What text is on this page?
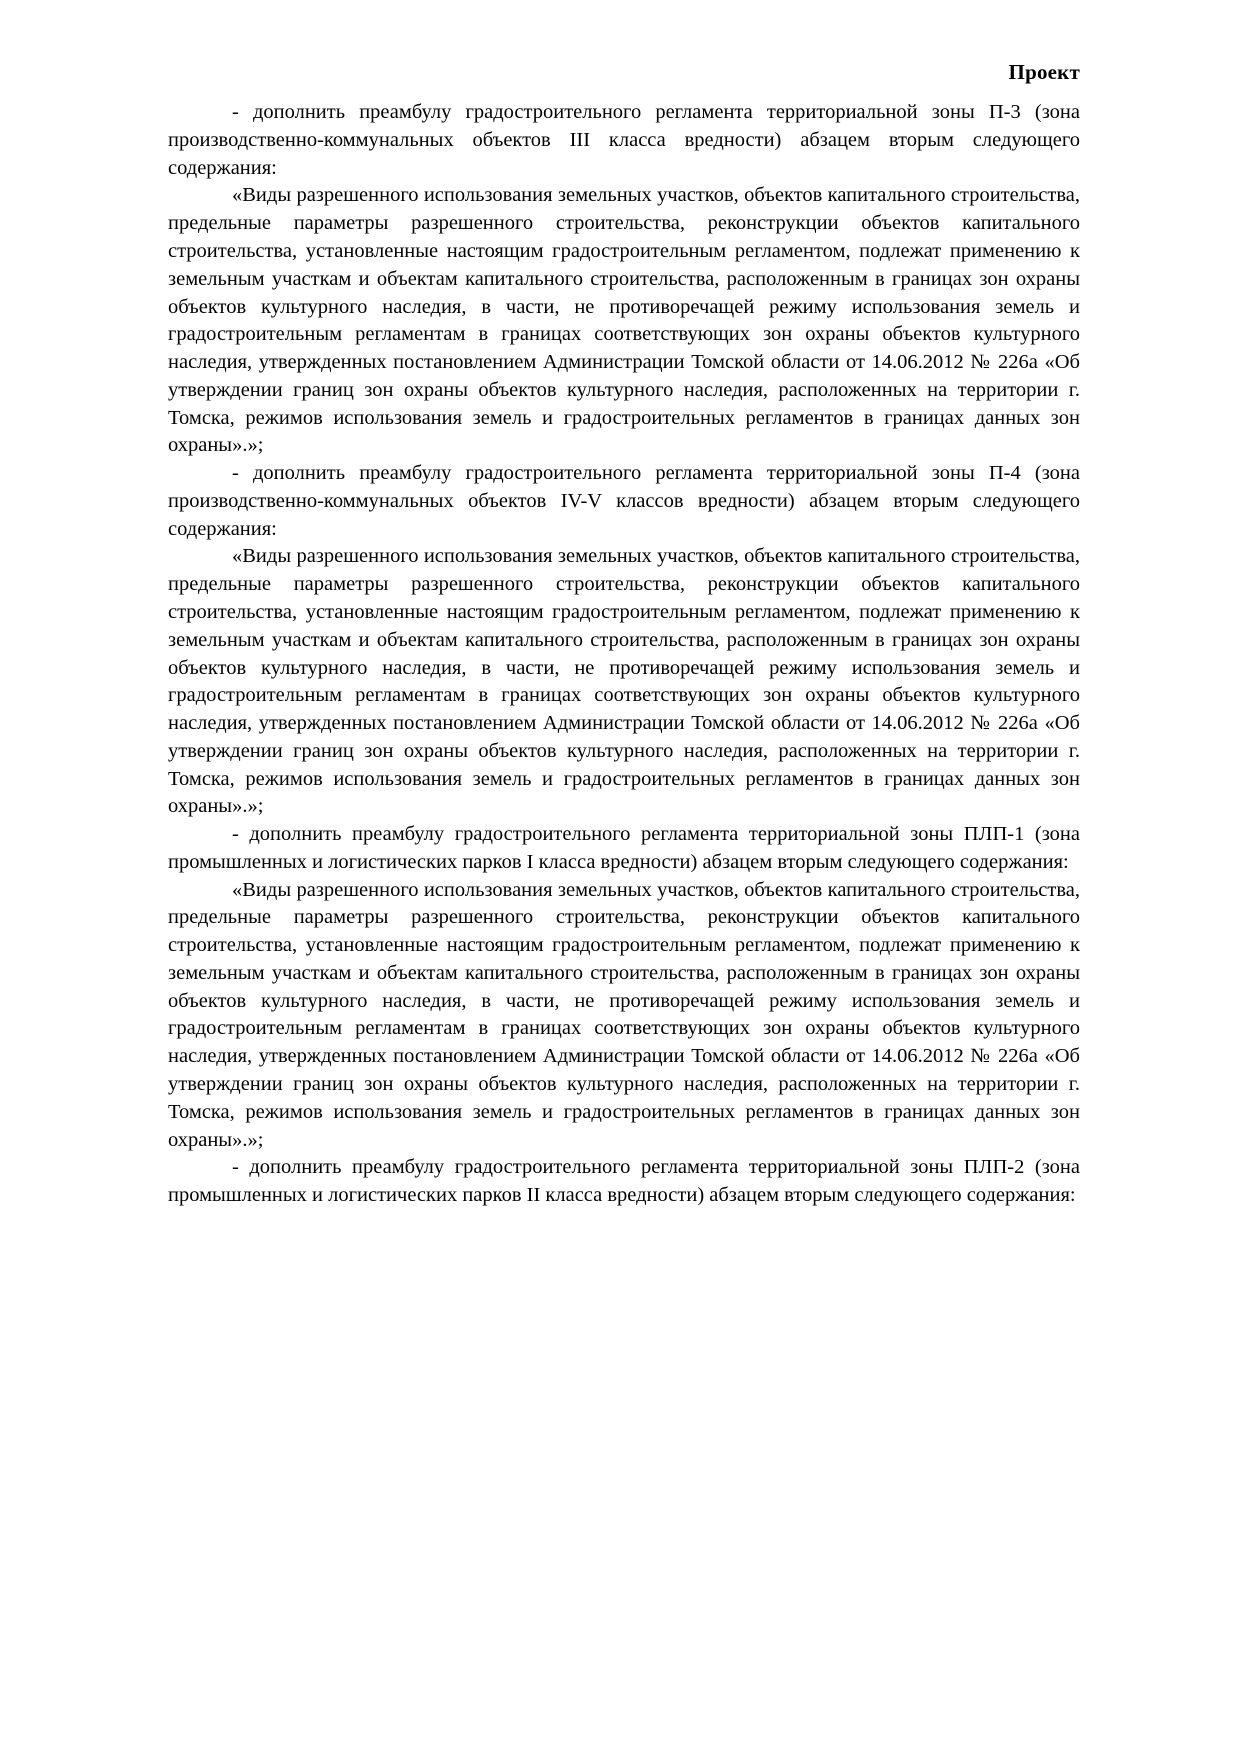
Проект

- дополнить преамбулу градостроительного регламента территориальной зоны П-3 (зона производственно-коммунальных объектов III класса вредности) абзацем вторым следующего содержания:

«Виды разрешенного использования земельных участков, объектов капитального строительства, предельные параметры разрешенного строительства, реконструкции объектов капитального строительства, установленные настоящим градостроительным регламентом, подлежат применению к земельным участкам и объектам капитального строительства, расположенным в границах зон охраны объектов культурного наследия, в части, не противоречащей режиму использования земель и градостроительным регламентам в границах соответствующих зон охраны объектов культурного наследия, утвержденных постановлением Администрации Томской области от 14.06.2012 № 226а «Об утверждении границ зон охраны объектов культурного наследия, расположенных на территории г. Томска, режимов использования земель и градостроительных регламентов в границах данных зон охраны».»;

- дополнить преамбулу градостроительного регламента территориальной зоны П-4 (зона производственно-коммунальных объектов IV-V классов вредности) абзацем вторым следующего содержания:

«Виды разрешенного использования земельных участков, объектов капитального строительства, предельные параметры разрешенного строительства, реконструкции объектов капитального строительства, установленные настоящим градостроительным регламентом, подлежат применению к земельным участкам и объектам капитального строительства, расположенным в границах зон охраны объектов культурного наследия, в части, не противоречащей режиму использования земель и градостроительным регламентам в границах соответствующих зон охраны объектов культурного наследия, утвержденных постановлением Администрации Томской области от 14.06.2012 № 226а «Об утверждении границ зон охраны объектов культурного наследия, расположенных на территории г. Томска, режимов использования земель и градостроительных регламентов в границах данных зон охраны».»;

- дополнить преамбулу градостроительного регламента территориальной зоны ПЛП-1 (зона промышленных и логистических парков I класса вредности) абзацем вторым следующего содержания:

«Виды разрешенного использования земельных участков, объектов капитального строительства, предельные параметры разрешенного строительства, реконструкции объектов капитального строительства, установленные настоящим градостроительным регламентом, подлежат применению к земельным участкам и объектам капитального строительства, расположенным в границах зон охраны объектов культурного наследия, в части, не противоречащей режиму использования земель и градостроительным регламентам в границах соответствующих зон охраны объектов культурного наследия, утвержденных постановлением Администрации Томской области от 14.06.2012 № 226а «Об утверждении границ зон охраны объектов культурного наследия, расположенных на территории г. Томска, режимов использования земель и градостроительных регламентов в границах данных зон охраны».»;

- дополнить преамбулу градостроительного регламента территориальной зоны ПЛП-2 (зона промышленных и логистических парков II класса вредности) абзацем вторым следующего содержания:
